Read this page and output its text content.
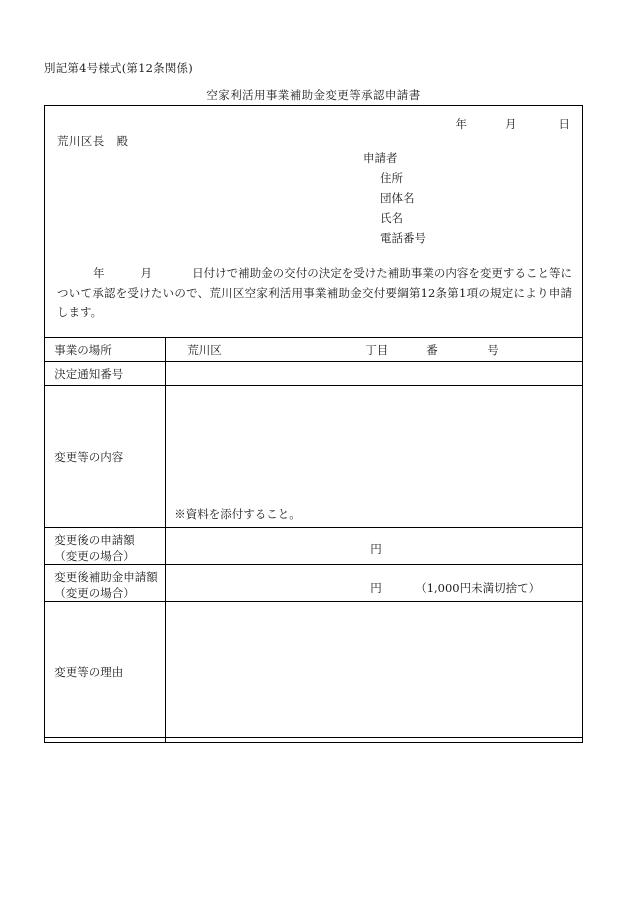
別記第4号様式(第12条関係)
空家利活用事業補助金変更等承認申請書
年	月	日
荒川区長　殿
申請者
住所
団体名
氏名
電話番号
年	月	日付けで補助金の交付の決定を受けた補助事業の内容を変更すること等について承認を受けたいので、荒川区空家利活用事業補助金交付要綱第12条第1項の規定により申請します。
事業の場所	荒川区 丁目 番 号

決定通知番号	
変更等の内容	※資料を添付すること。

変更後の申請額
（変更の場合）	円

変更後補助金申請額
（変更の場合）	円 （1,000円未満切捨て）

変更等の理由	
